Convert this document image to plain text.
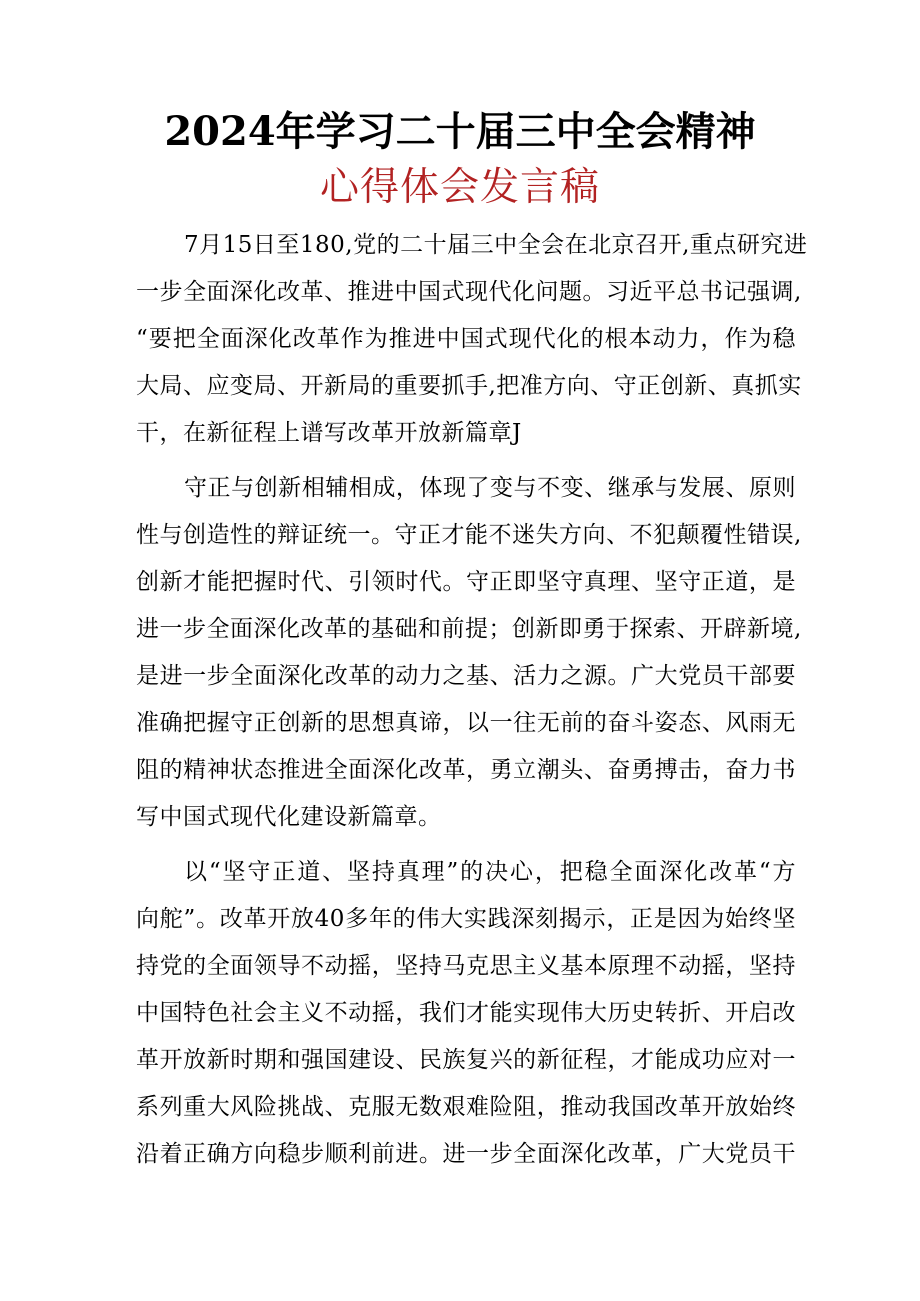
2024年学习二十届三中全会精神
心得体会发言稿
7月15日至180,党的二十届三中全会在北京召开,重点研究进
一步全面深化改革、推进中国式现代化问题。习近平总书记强调,
“要把全面深化改革作为推进中国式现代化的根本动力，作为稳
大局、应变局、开新局的重要抓手,把准方向、守正创新、真抓实
干，在新征程上谱写改革开放新篇章J
守正与创新相辅相成，体现了变与不变、继承与发展、原则
性与创造性的辩证统一。守正才能不迷失方向、不犯颠覆性错误,
创新才能把握时代、引领时代。守正即坚守真理、坚守正道，是
进一步全面深化改革的基础和前提；创新即勇于探索、开辟新境,
是进一步全面深化改革的动力之基、活力之源。广大党员干部要
准确把握守正创新的思想真谛，以一往无前的奋斗姿态、风雨无
阻的精神状态推进全面深化改革，勇立潮头、奋勇搏击，奋力书
写中国式现代化建设新篇章。
以“坚守正道、坚持真理”的决心，把稳全面深化改革“方
向舵”。改革开放40多年的伟大实践深刻揭示，正是因为始终坚
持党的全面领导不动摇，坚持马克思主义基本原理不动摇，坚持
中国特色社会主义不动摇，我们才能实现伟大历史转折、开启改
革开放新时期和强国建设、民族复兴的新征程，才能成功应对一
系列重大风险挑战、克服无数艰难险阻，推动我国改革开放始终
沿着正确方向稳步顺利前进。进一步全面深化改革，广大党员干
